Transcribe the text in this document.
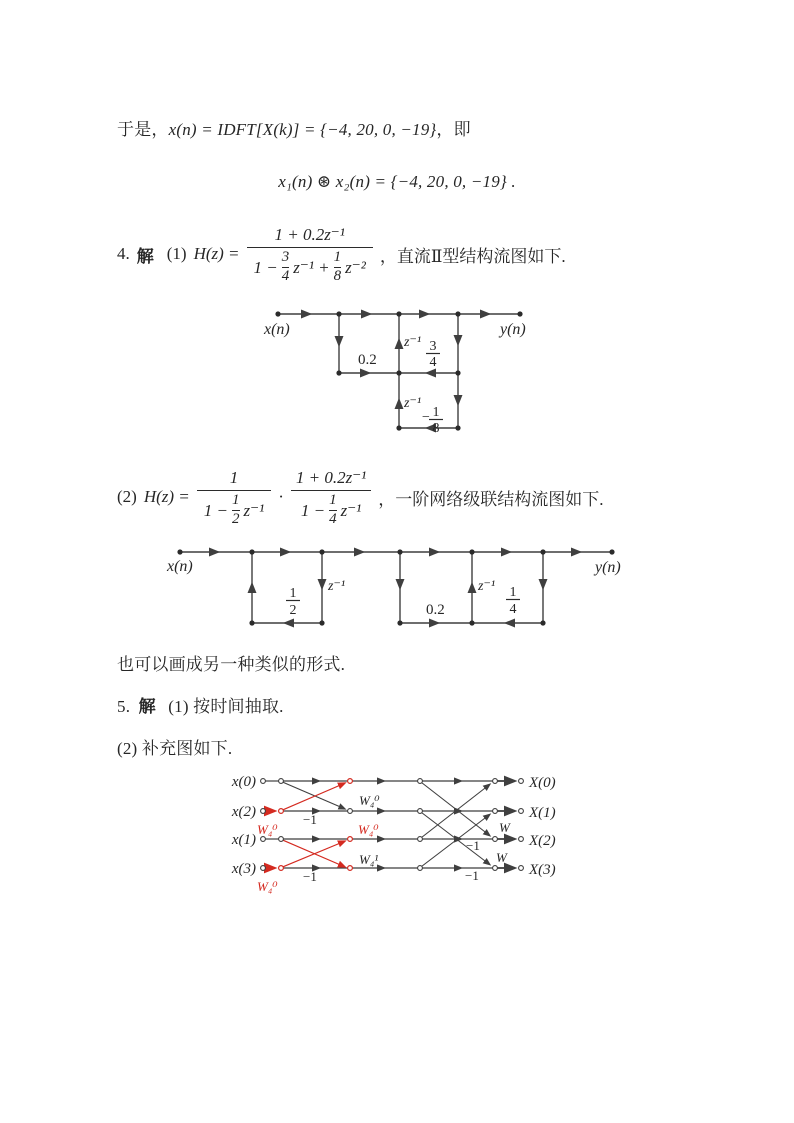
于是，x(n) = IDFT[X(k)] = {−4, 20, 0, −19}，即
x₁(n) ⊛ x₂(n) = {−4, 20, 0, −19} .
4. 解 (1) H(z) =
1 + 0.2z⁻¹
1 −
3
4 z⁻¹ +
1
8 z⁻²
，直流Ⅱ型结构流图如下.
x(n)	y(n)
0.2
z⁻¹ 3
4
z⁻¹
− 1
8
(2) H(z) =
1
1 −
1
2 z⁻¹
·
1 + 0.2z⁻¹
1 −
1
4 z⁻¹
，一阶网络级联结构流图如下.
x(n)	y(n)
1
2
z⁻¹
0.2
z⁻¹ 1
4
也可以画成另一种类似的形式.
5. 解 (1) 按时间抽取.
(2) 补充图如下.
x(0)
x(2)
x(1)
x(3)
X(0)
X(1)
X(2)
X(3)
W₄⁰
W₄⁰
−1
−1
W₄⁰
W₄⁰
W₄¹
W
W
−1
−1
